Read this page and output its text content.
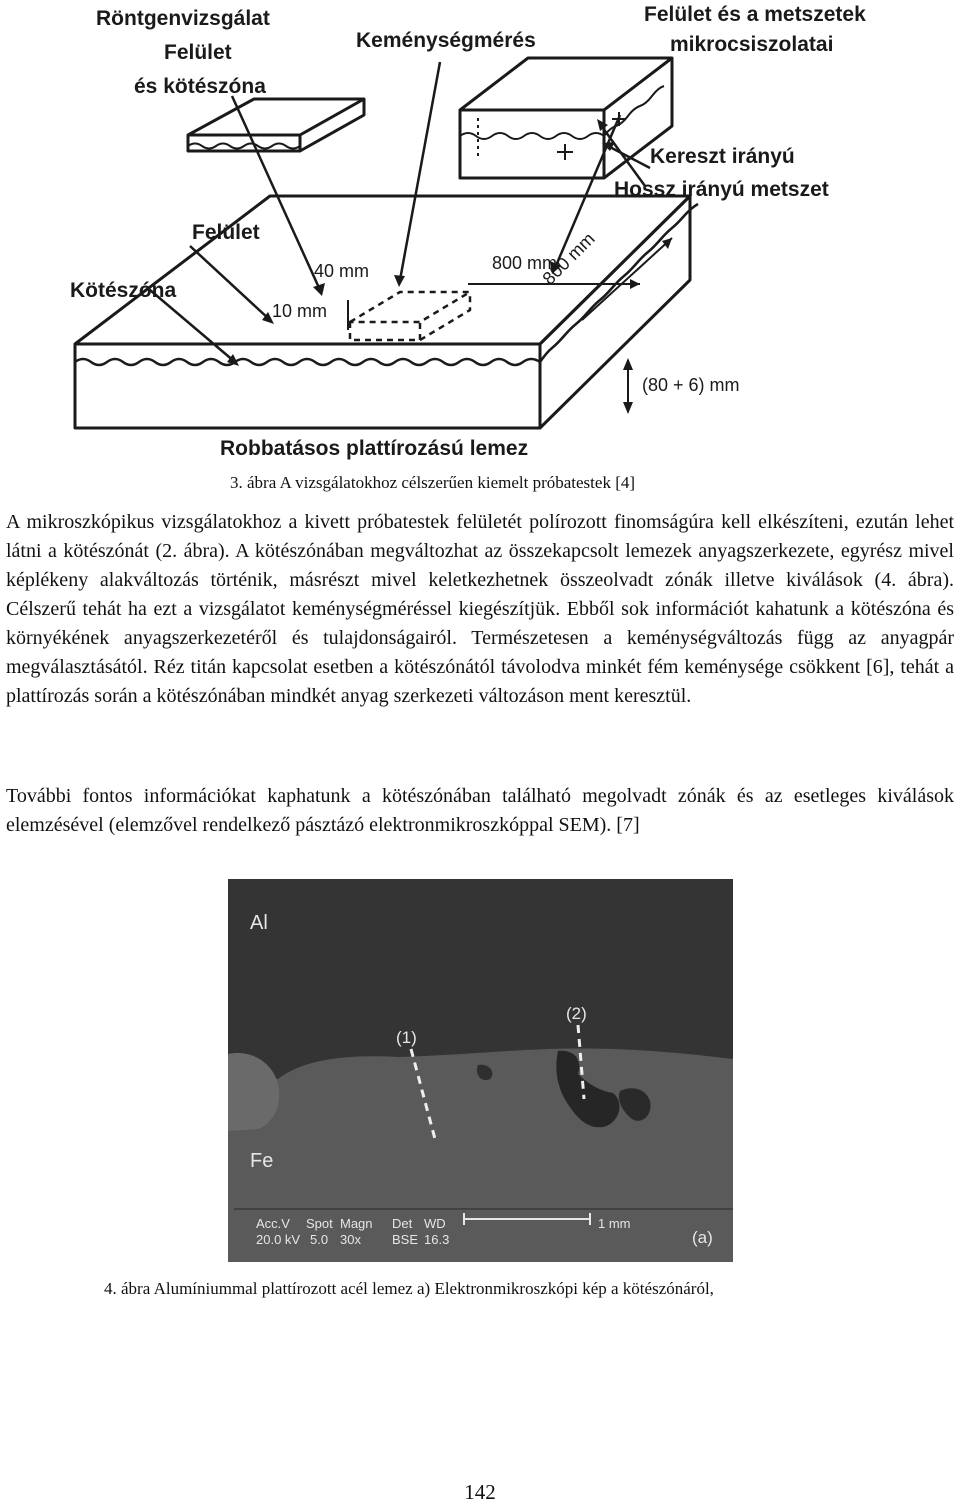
Röntgenvizsgálat
Felület
és kötészóna
Keménységmérés
Felület és a metszetek
mikrocsiszolatai
Kereszt irányú
Hossz irányú metszet
Felület
Kötészóna
40 mm
10 mm
800 mm
800 mm
(80 + 6) mm
Robbatásos plattírozású lemez
3. ábra A vizsgálatokhoz célszerűen kiemelt próbatestek [4]

A mikroszkópikus vizsgálatokhoz a kivett próbatestek felületét polírozott finomságúra kell elkészíteni, ezután lehet látni a kötészónát (2. ábra). A kötészónában megváltozhat az összekapcsolt lemezek anyagszerkezete, egyrész mivel képlékeny alakváltozás történik, másrészt mivel keletkezhetnek összeolvadt zónák illetve kiválások (4. ábra). Célszerű tehát ha ezt a vizsgálatot keménységméréssel kiegészítjük. Ebből sok információt kahatunk a kötészóna és környékének anyagszerkezetéről és tulajdonságairól. Természetesen a keménységváltozás függ az anyagpár megválasztásától. Réz titán kapcsolat esetben a kötészónától távolodva minkét fém keménysége csökkent [6], tehát a plattírozás során a kötészónában mindkét anyag szerkezeti változáson ment keresztül.

További fontos információkat kaphatunk a kötészónában található megolvadt zónák és az esetleges kiválások elemzésével (elemzővel rendelkező pásztázó elektronmikroszkóppal SEM). [7]

Al
Fe
(1)
(2)
Acc.V Spot Magn Det WD
20.0 kV 5.0 30x BSE 16.3
1 mm
(a)
4. ábra Alumíniummal plattírozott acél lemez a) Elektronmikroszkópi kép a kötészónáról,
142
